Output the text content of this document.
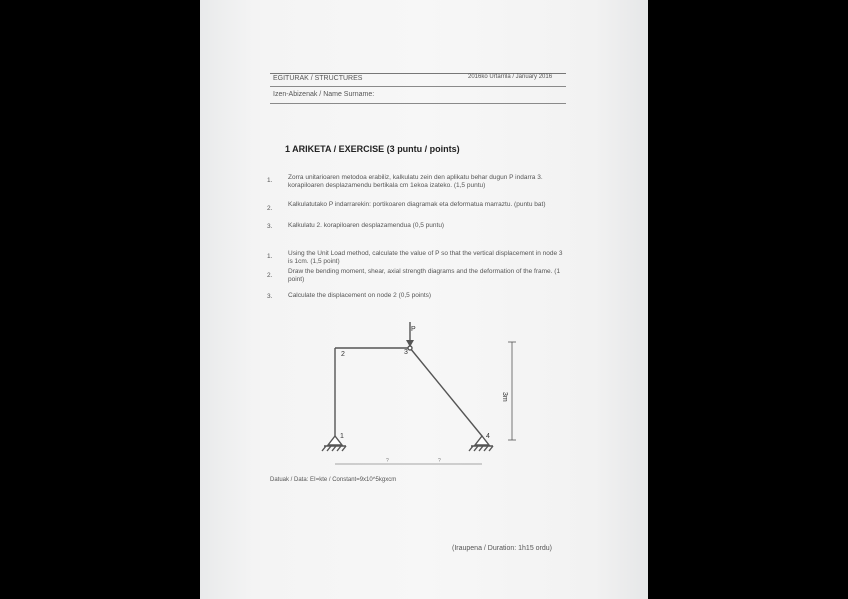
EGITURAK / STRUCTURES	2016ko Urtarrila / January 2016
Izen-Abizenak / Name Surname:
1 ARIKETA / EXERCISE (3 puntu / points)
1. Zorra unitarioaren metodoa erabiliz, kalkulatu zein den aplikatu behar dugun P indarra 3. korapiloaren desplazamendu bertikala cm 1ekoa izateko. (1,5 puntu)
2.
Kalkulatutako P indarrarekin: portikoaren diagramak eta deformatua marraztu. (puntu bat)
3. Kalkulatu 2. korapiloaren desplazamendua (0,5 puntu)
1. Using the Unit Load method, calculate the value of P so that the vertical displacement in node 3 is 1cm. (1,5 point)
2.
Draw the bending moment, shear, axial strength diagrams and the deformation of the frame. (1 point)
3. Calculate the displacement on node 2 (0,5 points)
P
2	3
1	4
3m
?	?
Datuak / Data: EI=kte / Constant=9x10^5kgxcm
(Iraupena / Duration: 1h15 ordu)
